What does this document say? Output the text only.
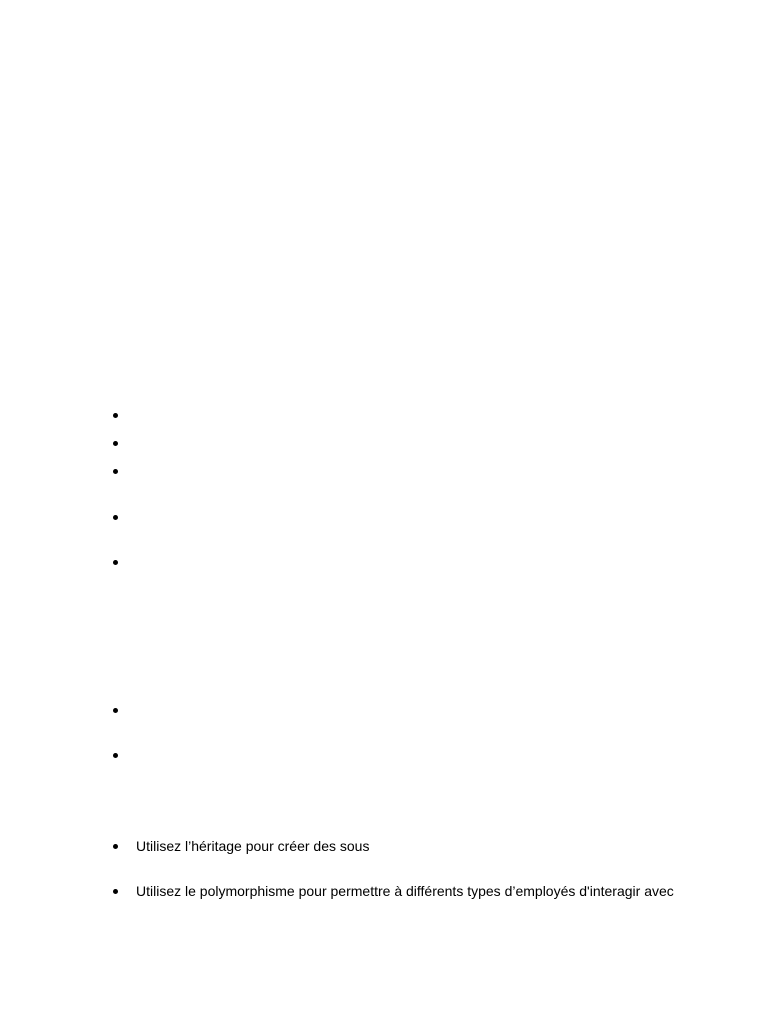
Utilisez l’héritage pour créer des sous
Utilisez le polymorphisme pour permettre à différents types d’employés d'interagir avec
